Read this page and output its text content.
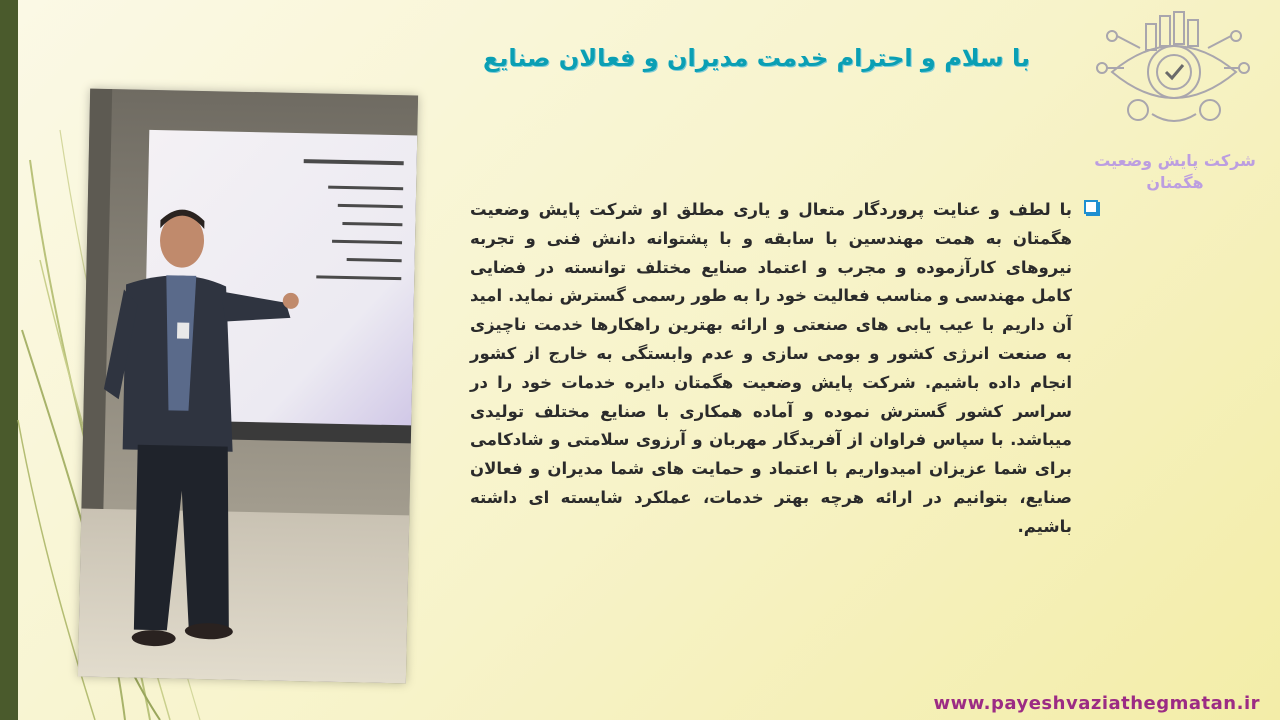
با سلام و احترام خدمت مدیران و فعالان صنایع
شرکت پایش وضعیت
هگمتان
با لطف و عنایت پروردگار متعال و یاری مطلق او شرکت پایش وضعیت هگمتان به همت مهندسین با سابقه و با پشتوانه دانش فنی و تجربه نیروهای کارآزموده و مجرب و اعتماد صنایع مختلف توانسته در فضایی کامل مهندسی و مناسب فعالیت خود را به طور رسمی گسترش نماید. امید آن داریم با عیب یابی های صنعتی و ارائه بهترین راهکارها خدمت ناچیزی به صنعت انرژی کشور و بومی سازی و عدم وابستگی به خارج از کشور انجام داده باشیم. شرکت پایش وضعیت هگمتان دایره خدمات خود را در سراسر کشور گسترش نموده و آماده همکاری با صنایع مختلف تولیدی میباشد. با سپاس فراوان از آفریدگار مهربان و آرزوی سلامتی و شادکامی برای شما عزیزان امیدواریم با اعتماد و حمایت های شما مدیران و فعالان صنایع، بتوانیم در ارائه هرچه بهتر خدمات، عملکرد شایسته ای داشته باشیم.
www.payeshvaziathegmatan.ir
